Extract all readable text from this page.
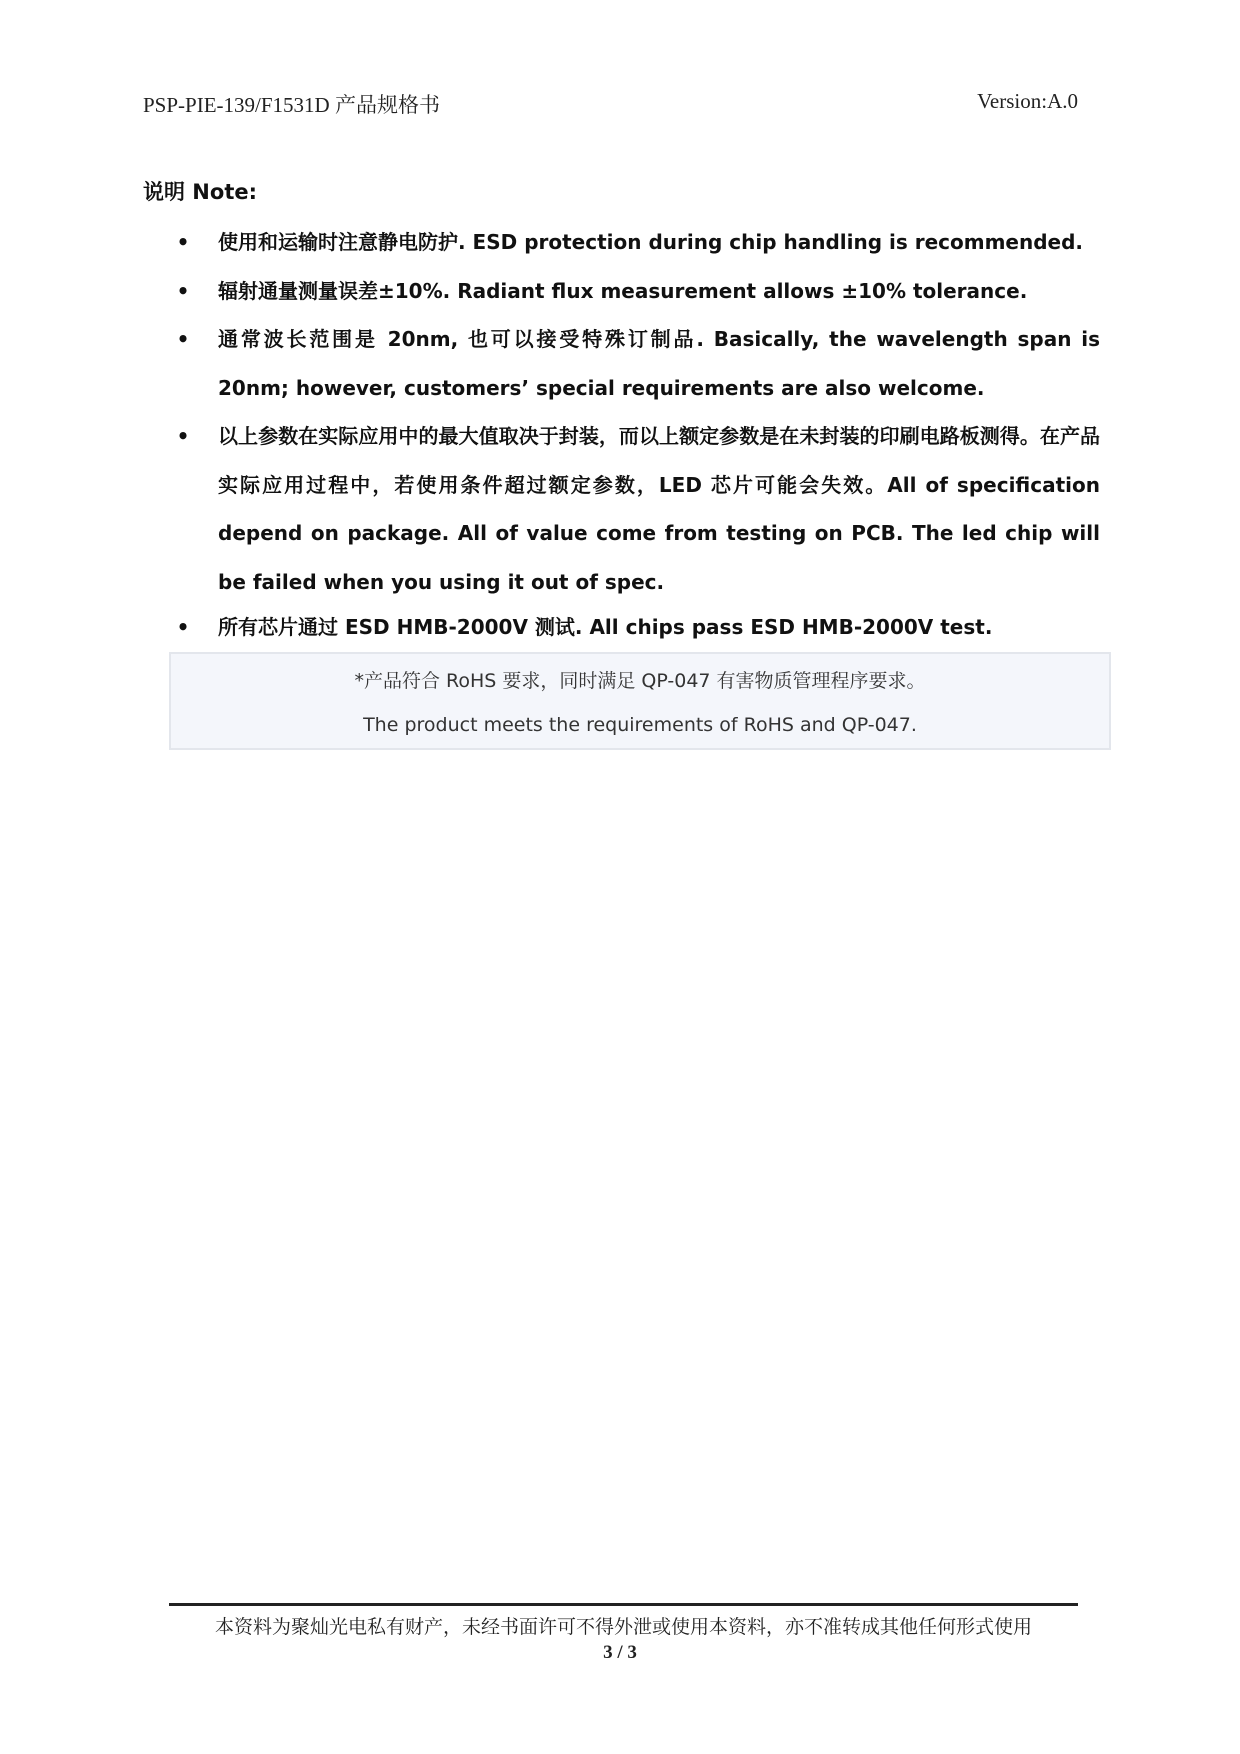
PSP-PIE-139/F1531D 产品规格书	Version:A.0
说明 Note:
• 使用和运输时注意静电防护. ESD protection during chip handling is recommended.
• 辐射通量测量误差±10%. Radiant flux measurement allows ±10% tolerance.
• 通常波长范围是 20nm, 也可以接受特殊订制品. Basically, the wavelength span is 20nm; however, customers’ special requirements are also welcome.
• 以上参数在实际应用中的最大值取决于封装，而以上额定参数是在未封装的印刷电路板测得。在产品实际应用过程中，若使用条件超过额定参数，LED 芯片可能会失效。All of specification depend on package. All of value come from testing on PCB. The led chip will be failed when you using it out of spec.
• 所有芯片通过 ESD HMB-2000V 测试. All chips pass ESD HMB-2000V test.
*产品符合 RoHS 要求，同时满足 QP-047 有害物质管理程序要求。
The product meets the requirements of RoHS and QP-047.
本资料为聚灿光电私有财产，未经书面许可不得外泄或使用本资料，亦不准转成其他任何形式使用
3 / 3
